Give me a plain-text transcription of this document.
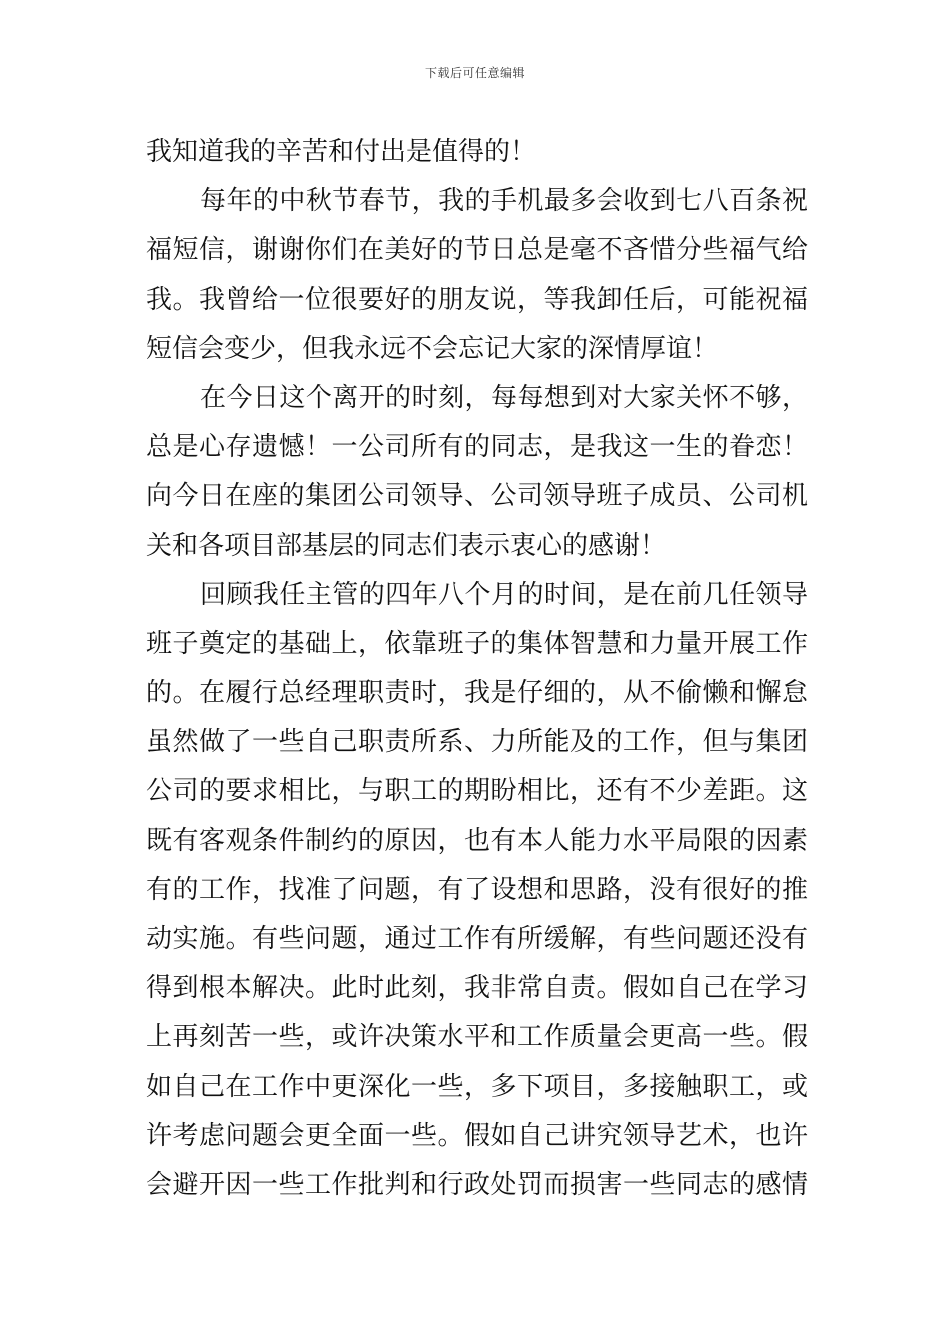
下载后可任意编辑
我知道我的辛苦和付出是值得的！
每年的中秋节春节，我的手机最多会收到七八百条祝
福短信，谢谢你们在美好的节日总是毫不吝惜分些福气给
我。我曾给一位很要好的朋友说，等我卸任后，可能祝福
短信会变少，但我永远不会忘记大家的深情厚谊！
在今日这个离开的时刻，每每想到对大家关怀不够，
总是心存遗憾！一公司所有的同志，是我这一生的眷恋！
向今日在座的集团公司领导、公司领导班子成员、公司机
关和各项目部基层的同志们表示衷心的感谢！
回顾我任主管的四年八个月的时间，是在前几任领导
班子奠定的基础上，依靠班子的集体智慧和力量开展工作
的。在履行总经理职责时，我是仔细的，从不偷懒和懈怠
虽然做了一些自己职责所系、力所能及的工作，但与集团
公司的要求相比，与职工的期盼相比，还有不少差距。这
既有客观条件制约的原因，也有本人能力水平局限的因素
有的工作，找准了问题，有了设想和思路，没有很好的推
动实施。有些问题，通过工作有所缓解，有些问题还没有
得到根本解决。此时此刻，我非常自责。假如自己在学习
上再刻苦一些，或许决策水平和工作质量会更高一些。假
如自己在工作中更深化一些，多下项目，多接触职工，或
许考虑问题会更全面一些。假如自己讲究领导艺术，也许
会避开因一些工作批判和行政处罚而损害一些同志的感情
